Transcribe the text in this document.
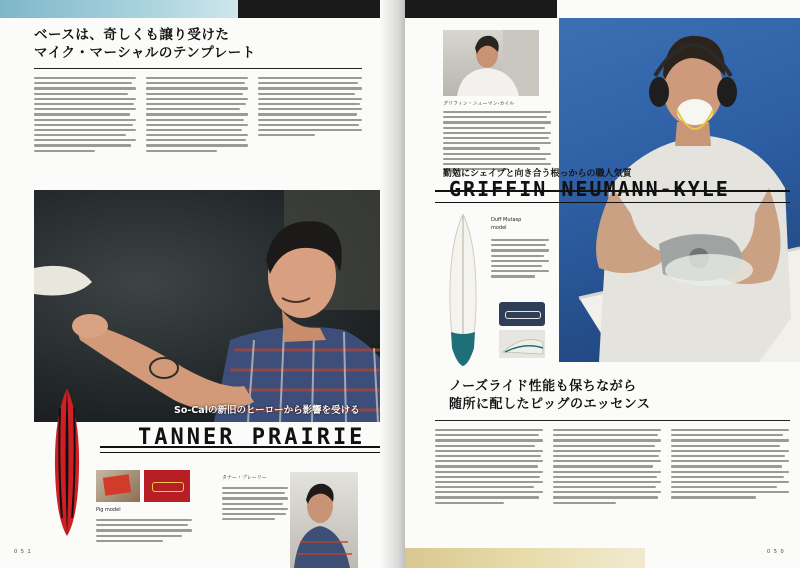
ベースは、奇しくも譲り受けた
マイク・マーシャルのテンプレート
So-Calの新旧のヒーローから影響を受ける
TANNER PRAIRIE
Pig model
タナー・プレーリー
0 5 1
グリフィン・ニューマン-カイル
勤勉にシェイプと向き合う根っからの職人気質
GRIFFIN NEUMANN-KYLE
Duff Mutasp
model
ノーズライド性能も保ちながら
随所に配したピッグのエッセンス
0 5 0
